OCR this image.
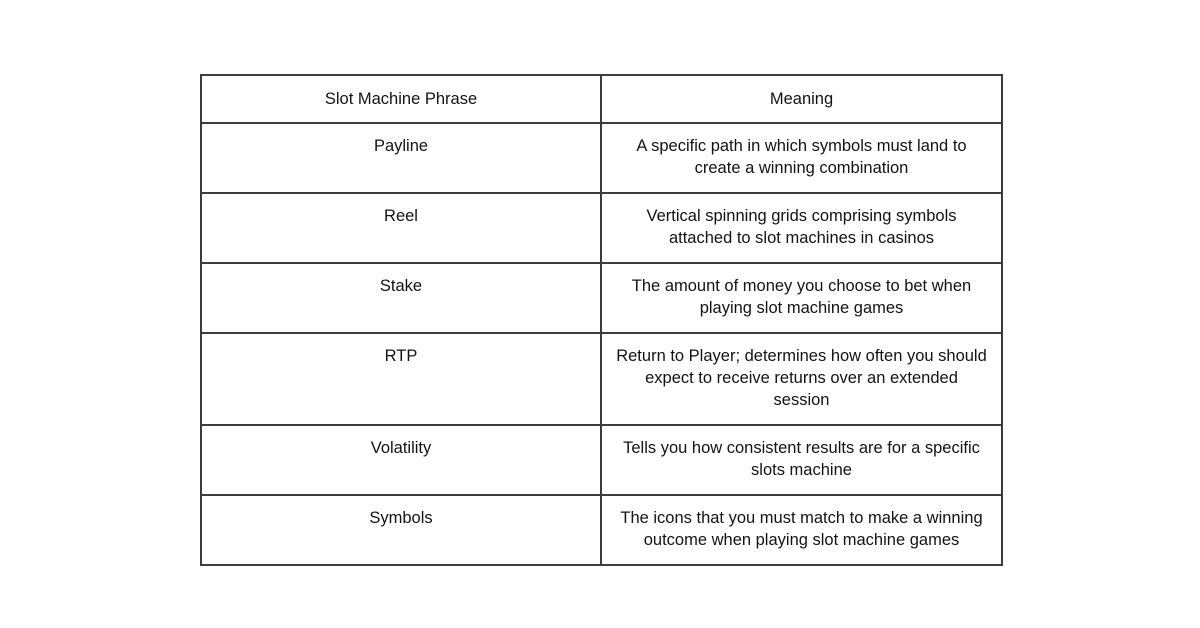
Slot Machine Phrase	Meaning

Payline	A specific path in which symbols must land to create a winning combination

Reel	Vertical spinning grids comprising symbols attached to slot machines in casinos

Stake	The amount of money you choose to bet when playing slot machine games

RTP	Return to Player; determines how often you should expect to receive returns over an extended session

Volatility	Tells you how consistent results are for a specific slots machine

Symbols	The icons that you must match to make a winning outcome when playing slot machine games
